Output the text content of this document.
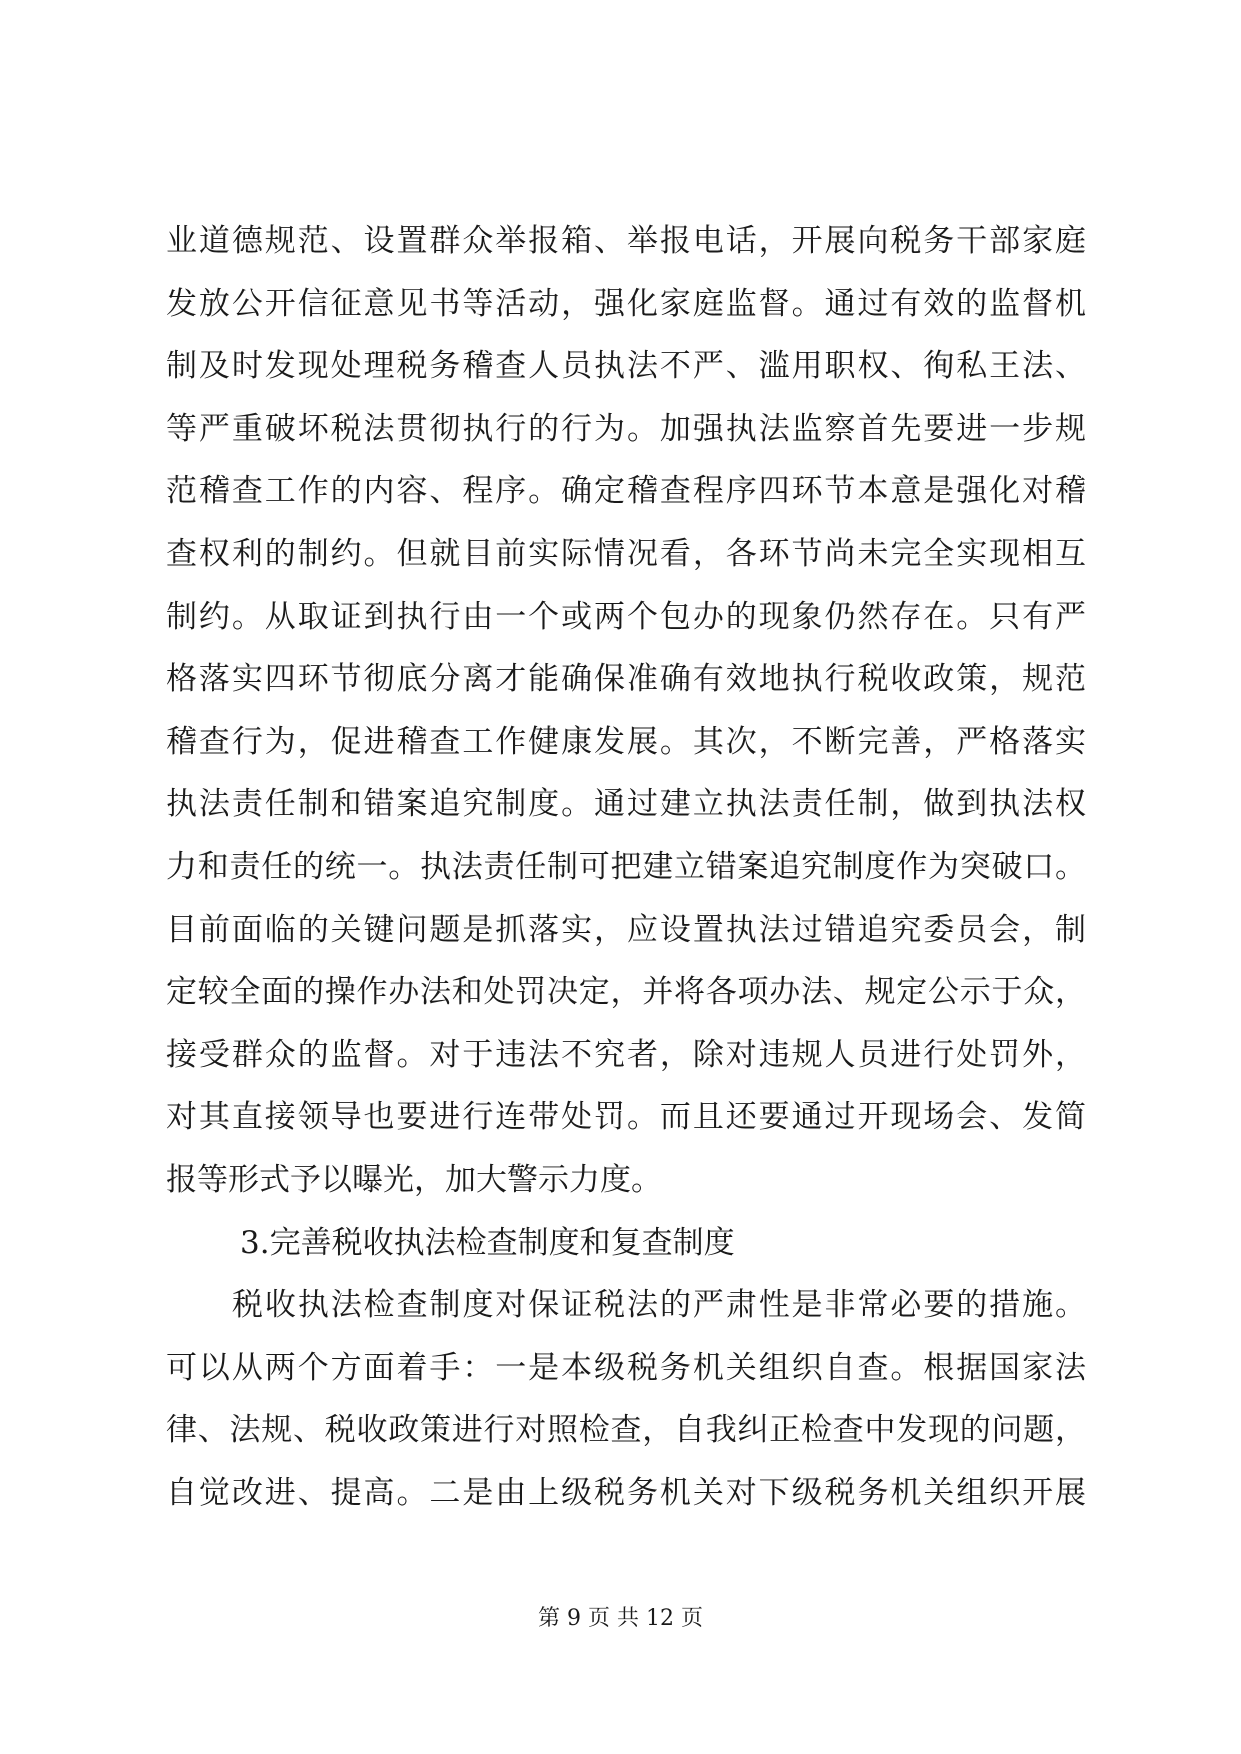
业道德规范、设置群众举报箱、举报电话，开展向税务干部家庭
发放公开信征意见书等活动，强化家庭监督。通过有效的监督机
制及时发现处理税务稽查人员执法不严、滥用职权、徇私王法、
等严重破坏税法贯彻执行的行为。加强执法监察首先要进一步规
范稽查工作的内容、程序。确定稽查程序四环节本意是强化对稽
查权利的制约。但就目前实际情况看，各环节尚未完全实现相互
制约。从取证到执行由一个或两个包办的现象仍然存在。只有严
格落实四环节彻底分离才能确保准确有效地执行税收政策，规范
稽查行为，促进稽查工作健康发展。其次，不断完善，严格落实
执法责任制和错案追究制度。通过建立执法责任制，做到执法权
力和责任的统一。执法责任制可把建立错案追究制度作为突破口。
目前面临的关键问题是抓落实，应设置执法过错追究委员会，制
定较全面的操作办法和处罚决定，并将各项办法、规定公示于众，
接受群众的监督。对于违法不究者，除对违规人员进行处罚外，
对其直接领导也要进行连带处罚。而且还要通过开现场会、发简
报等形式予以曝光，加大警示力度。
3.完善税收执法检查制度和复查制度
税收执法检查制度对保证税法的严肃性是非常必要的措施。
可以从两个方面着手：一是本级税务机关组织自查。根据国家法
律、法规、税收政策进行对照检查，自我纠正检查中发现的问题，
自觉改进、提高。二是由上级税务机关对下级税务机关组织开展
第 9 页 共 12 页
